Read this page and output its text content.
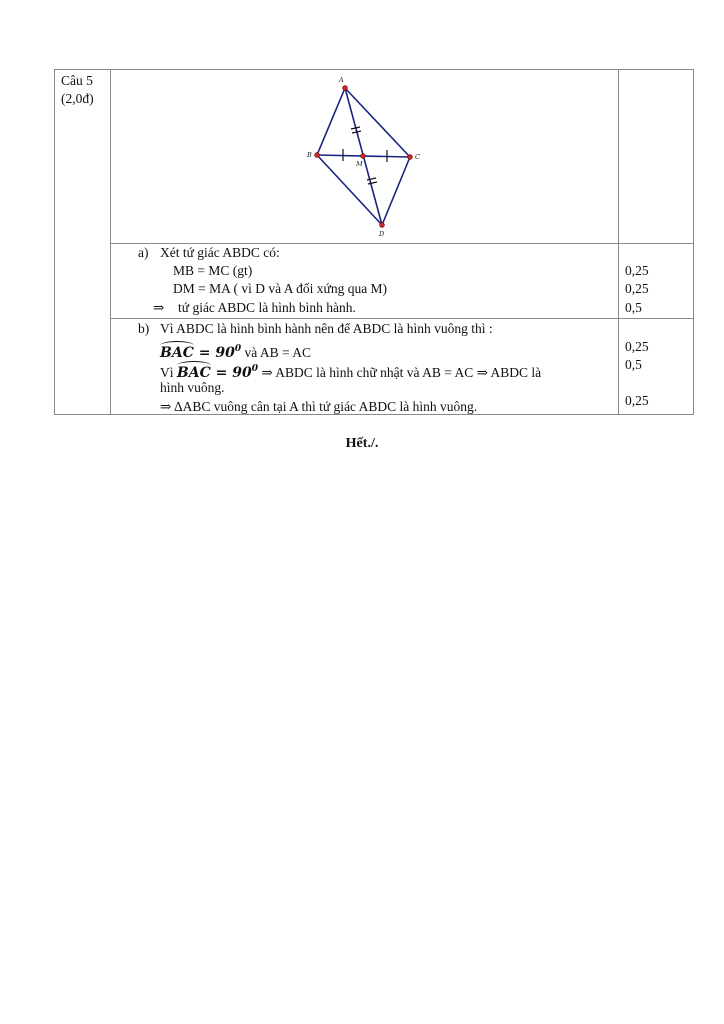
Câu 5
(2,0đ)
A
B	C
D
M
a) Xét tứ giác ABDC có:
MB = MC (gt)
DM = MA ( vì D và A đối xứng qua M)
⇒ tứ giác ABDC là hình bình hành.
0,25
0,25
0,5
b) Vì ABDC là hình bình hành nên để ABDC là hình vuông thì :
BAC = $90^0$ và AB = AC
Vì BAC = $90^0$ ⇒ ABDC là hình chữ nhật và AB = AC ⇒ ABDC là
hình vuông.
⇒ ΔABC vuông cân tại A thì tứ giác ABDC là hình vuông.
0,25
0,5
0,25
Hết./.
